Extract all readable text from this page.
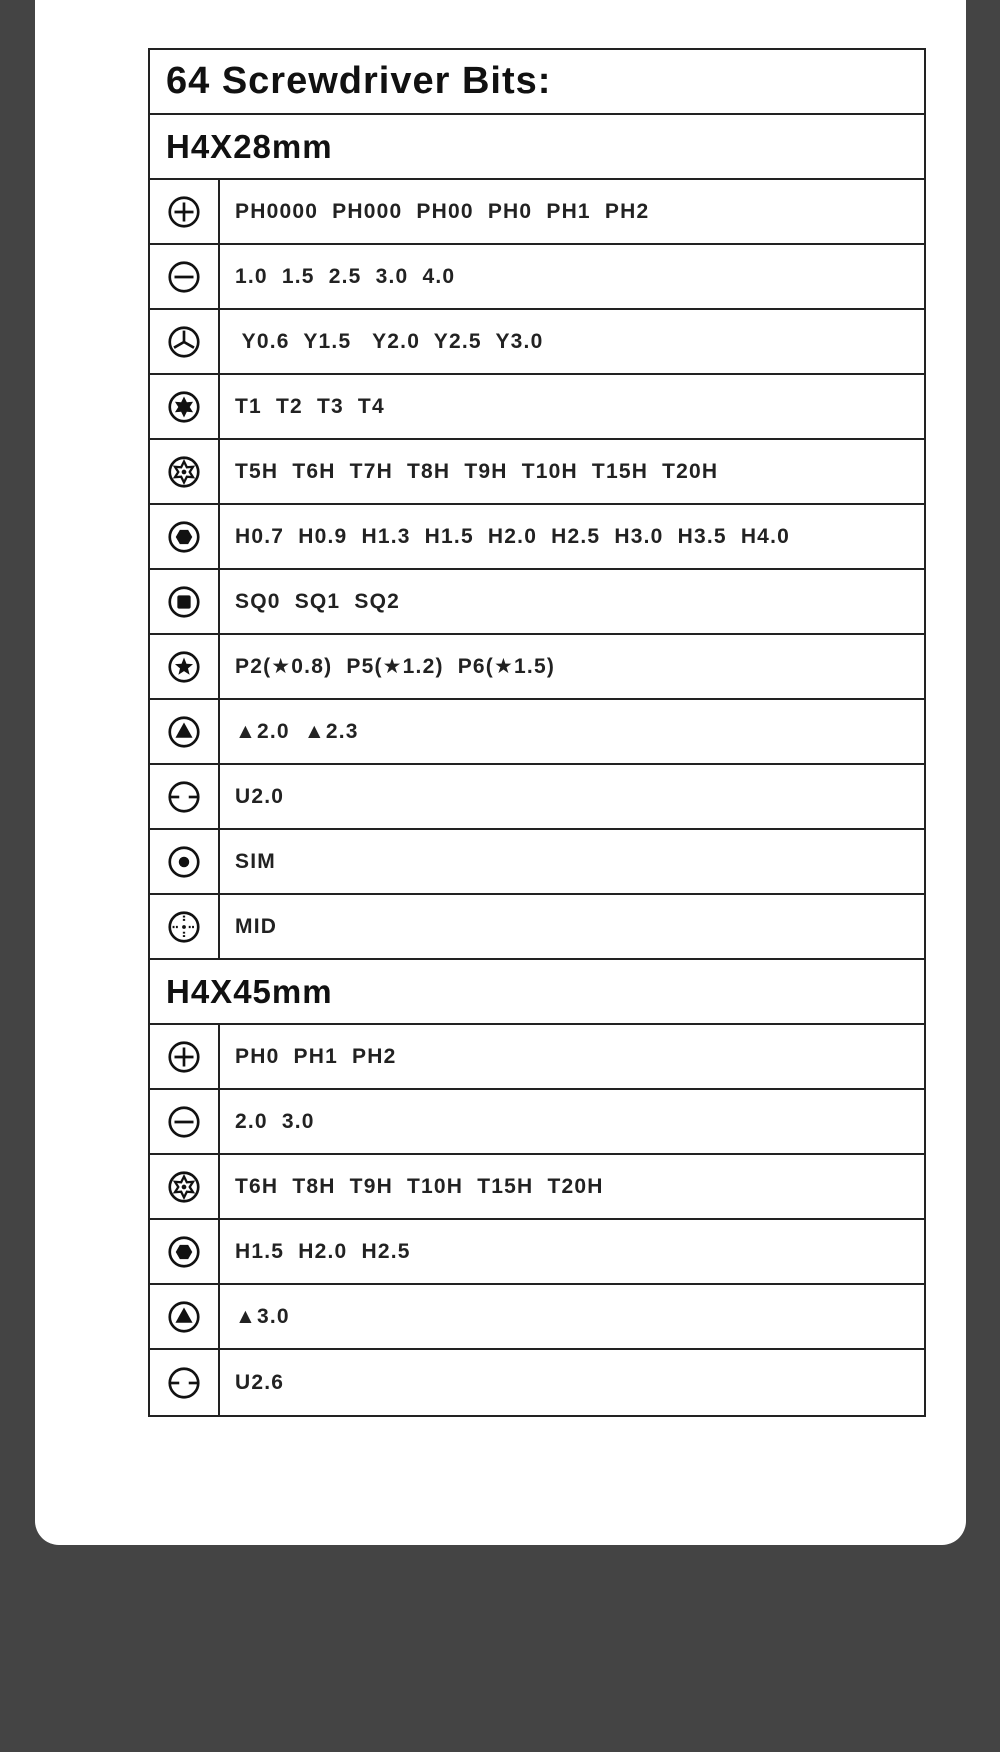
64 Screwdriver Bits:
H4X28mm
PH0000  PH000  PH00  PH0  PH1  PH2
1.0  1.5  2.5  3.0  4.0
Y0.6  Y1.5   Y2.0  Y2.5  Y3.0
T1  T2  T3  T4
T5H  T6H  T7H  T8H  T9H  T10H  T15H  T20H
H0.7  H0.9  H1.3  H1.5  H2.0  H2.5  H3.0  H3.5  H4.0
SQ0  SQ1  SQ2
P2(★0.8)  P5(★1.2)  P6(★1.5)
▲2.0  ▲2.3
U2.0
SIM
MID
H4X45mm
PH0  PH1  PH2
2.0  3.0
T6H  T8H  T9H  T10H  T15H  T20H
H1.5  H2.0  H2.5
▲3.0
U2.6
